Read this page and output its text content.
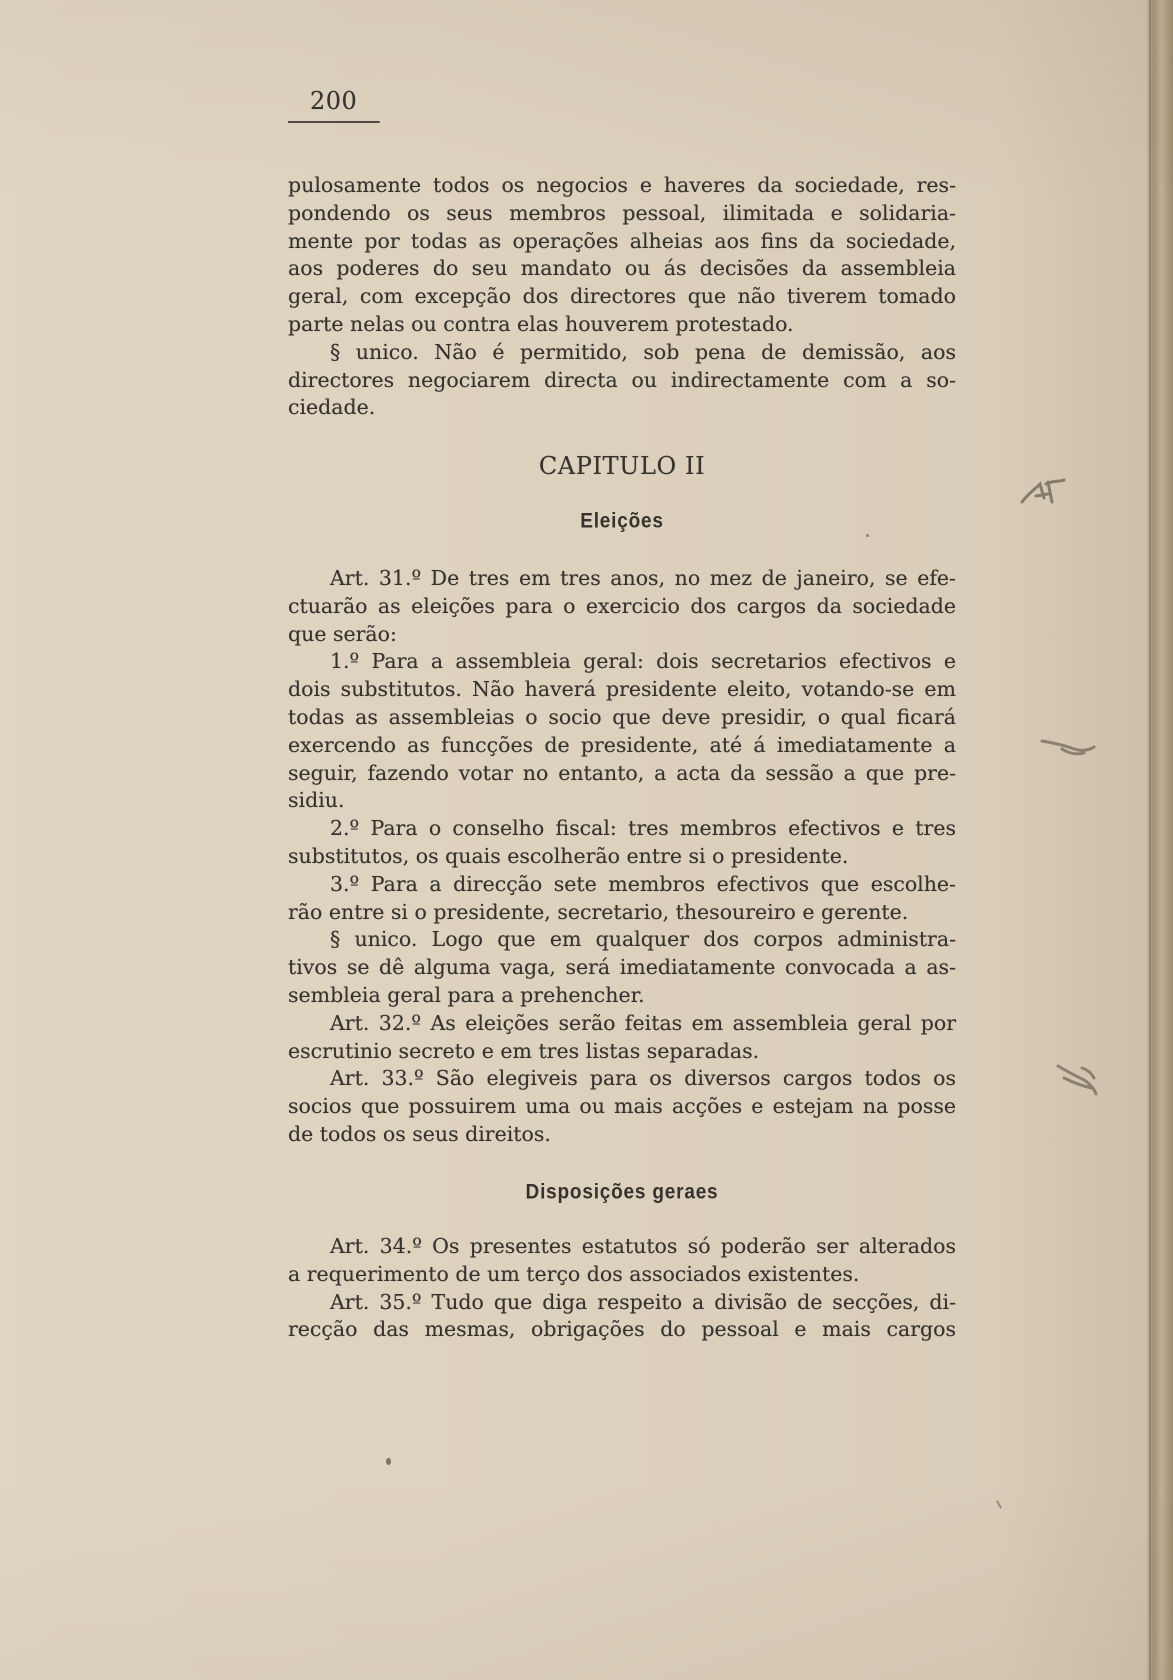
200
pulosamente todos os negocios e haveres da sociedade, res-
pondendo os seus membros pessoal, ilimitada e solidaria-
mente por todas as operações alheias aos fins da sociedade,
aos poderes do seu mandato ou ás decisões da assembleia
geral, com excepção dos directores que não tiverem tomado
parte nelas ou contra elas houverem protestado.
§ unico. Não é permitido, sob pena de demissão, aos
directores negociarem directa ou indirectamente com a so-
ciedade.
CAPITULO II
Eleições
Art. 31.º De tres em tres anos, no mez de janeiro, se efe-
ctuarão as eleições para o exercicio dos cargos da sociedade
que serão:
1.º Para a assembleia geral: dois secretarios efectivos e
dois substitutos. Não haverá presidente eleito, votando-se em
todas as assembleias o socio que deve presidir, o qual ficará
exercendo as funcções de presidente, até á imediatamente a
seguir, fazendo votar no entanto, a acta da sessão a que pre-
sidiu.
2.º Para o conselho fiscal: tres membros efectivos e tres
substitutos, os quais escolherão entre si o presidente.
3.º Para a direcção sete membros efectivos que escolhe-
rão entre si o presidente, secretario, thesoureiro e gerente.
§ unico. Logo que em qualquer dos corpos administra-
tivos se dê alguma vaga, será imediatamente convocada a as-
sembleia geral para a prehencher.
Art. 32.º As eleições serão feitas em assembleia geral por
escrutinio secreto e em tres listas separadas.
Art. 33.º São elegiveis para os diversos cargos todos os
socios que possuirem uma ou mais acções e estejam na posse
de todos os seus direitos.
Disposições geraes
Art. 34.º Os presentes estatutos só poderão ser alterados
a requerimento de um terço dos associados existentes.
Art. 35.º Tudo que diga respeito a divisão de secções, di-
recção das mesmas, obrigações do pessoal e mais cargos
